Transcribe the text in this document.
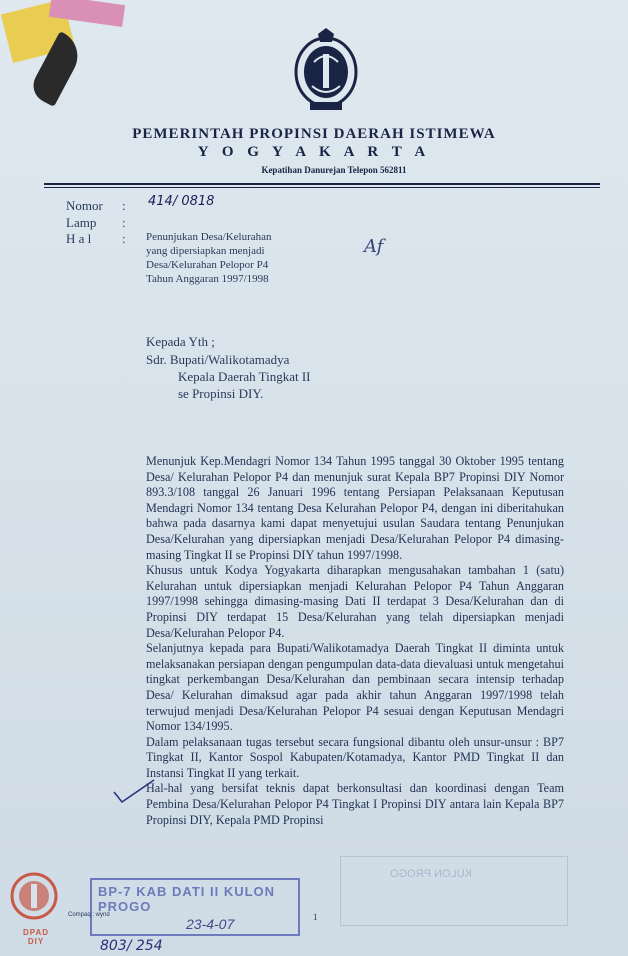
PEMERINTAH PROPINSI DAERAH ISTIMEWA
Y O G Y A K A R T A
Kepatihan Danurejan Telepon 562811
Nomor : 414/ 0818
Lamp :
H a l : Penunjukan Desa/Kelurahan
yang dipersiapkan menjadi
Desa/Kelurahan Pelopor P4
Tahun Anggaran 1997/1998
Af
Kepada Yth ;
Sdr. Bupati/Walikotamadya
Kepala Daerah Tingkat II
se Propinsi DIY.

Menunjuk Kep.Mendagri Nomor 134 Tahun 1995 tanggal 30 Oktober 1995 tentang Desa/ Kelurahan Pelopor P4 dan menunjuk surat Kepala BP7 Propinsi DIY Nomor 893.3/108 tanggal 26 Januari 1996 tentang Persiapan Pelaksanaan Keputusan Mendagri Nomor 134 tentang Desa Kelurahan Pelopor P4, dengan ini diberitahukan bahwa pada dasarnya kami dapat menyetujui usulan Saudara tentang Penunjukan Desa/Kelurahan yang dipersiapkan menjadi Desa/Kelurahan Pelopor P4 dimasing-masing Tingkat II se Propinsi DIY tahun 1997/1998.

Khusus untuk Kodya Yogyakarta diharapkan mengusahakan tambahan 1 (satu) Kelurahan untuk dipersiapkan menjadi Kelurahan Pelopor P4 Tahun Anggaran 1997/1998 sehingga dimasing-masing Dati II terdapat 3 Desa/Kelurahan dan di Propinsi DIY terdapat 15 Desa/Kelurahan yang telah dipersiapkan menjadi Desa/Kelurahan Pelopor P4.

Selanjutnya kepada para Bupati/Walikotamadya Daerah Tingkat II diminta untuk melaksanakan persiapan dengan pengumpulan data-data dievaluasi untuk mengetahui tingkat perkembangan Desa/Kelurahan dan pembinaan secara intensip terhadap Desa/ Kelurahan dimaksud agar pada akhir tahun Anggaran 1997/1998 telah terwujud menjadi Desa/Kelurahan Pelopor P4 sesuai dengan Keputusan Mendagri Nomor 134/1995.

Dalam pelaksanaan tugas tersebut secara fungsional dibantu oleh unsur-unsur : BP7 Tingkat II, Kantor Sospol Kabupaten/Kotamadya, Kantor PMD Tingkat II dan Instansi Tingkat II yang terkait.

Hal-hal yang bersifat teknis dapat berkonsultasi dan koordinasi dengan Team Pembina Desa/Kelurahan Pelopor P4 Tingkat I Propinsi DIY antara lain Kepala BP7 Propinsi DIY, Kepala PMD Propinsi

KULON PROGO
BP-7 KAB DATI II KULON PROGO
23-4-07
803/ 254
Compaq : wynd	1
DPAD
DIY
